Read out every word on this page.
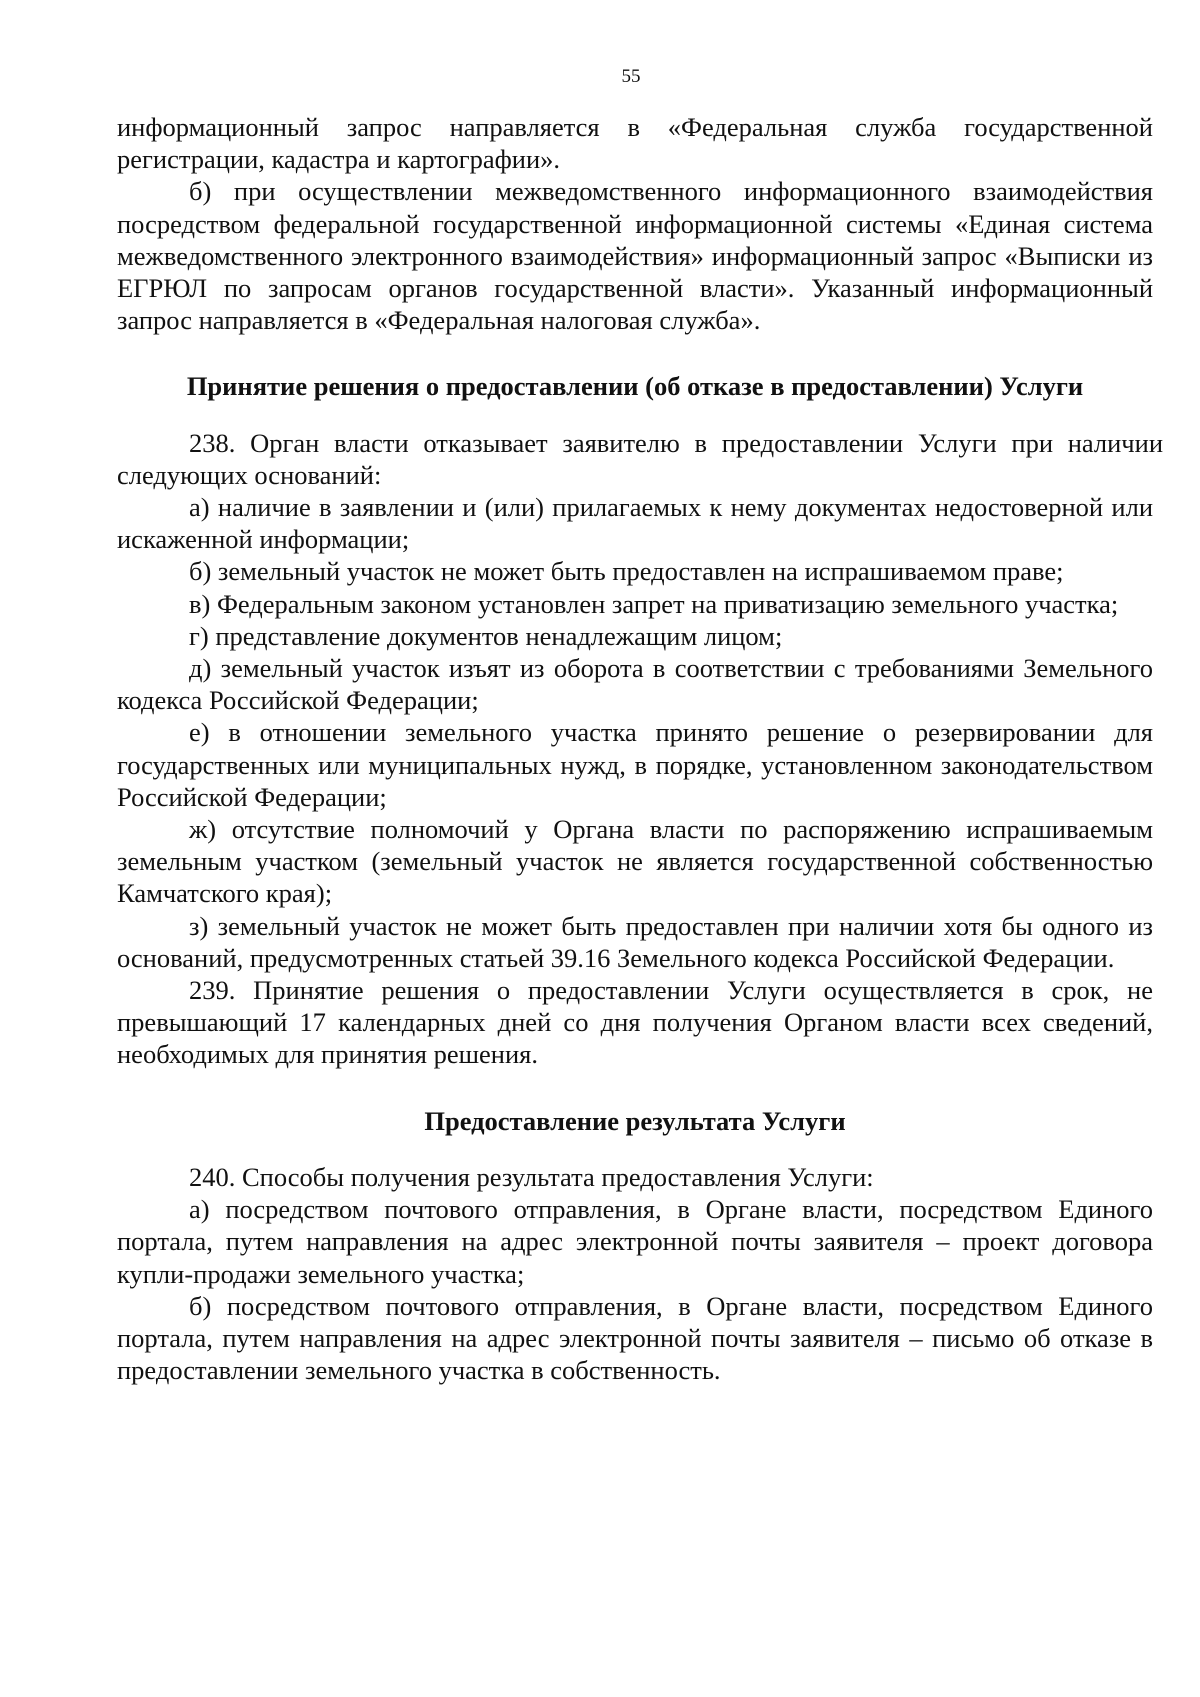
55

информационный запрос направляется в «Федеральная служба государственной регистрации, кадастра и картографии».

б) при осуществлении межведомственного информационного взаимодействия посредством федеральной государственной информационной системы «Единая система межведомственного электронного взаимодействия» информационный запрос «Выписки из ЕГРЮЛ по запросам органов государственной власти». Указанный информационный запрос направляется в «Федеральная налоговая служба».

Принятие решения о предоставлении (об отказе в предоставлении) Услуги

238. Орган власти отказывает заявителю в предоставлении Услуги при наличии следующих оснований:

а) наличие в заявлении и (или) прилагаемых к нему документах недостоверной или искаженной информации;

б) земельный участок не может быть предоставлен на испрашиваемом праве;

в) Федеральным законом установлен запрет на приватизацию земельного участка;

г) представление документов ненадлежащим лицом;

д) земельный участок изъят из оборота в соответствии с требованиями Земельного кодекса Российской Федерации;

е) в отношении земельного участка принято решение о резервировании для государственных или муниципальных нужд, в порядке, установленном законодательством Российской Федерации;

ж) отсутствие полномочий у Органа власти по распоряжению испрашиваемым земельным участком (земельный участок не является государственной собственностью Камчатского края);

з) земельный участок не может быть предоставлен при наличии хотя бы одного из оснований, предусмотренных статьей 39.16 Земельного кодекса Российской Федерации.

239. Принятие решения о предоставлении Услуги осуществляется в срок, не превышающий 17 календарных дней со дня получения Органом власти всех сведений, необходимых для принятия решения.

Предоставление результата Услуги

240. Способы получения результата предоставления Услуги:

а) посредством почтового отправления, в Органе власти, посредством Единого портала, путем направления на адрес электронной почты заявителя – проект договора купли-продажи земельного участка;

б) посредством почтового отправления, в Органе власти, посредством Единого портала, путем направления на адрес электронной почты заявителя – письмо об отказе в предоставлении земельного участка в собственность.
